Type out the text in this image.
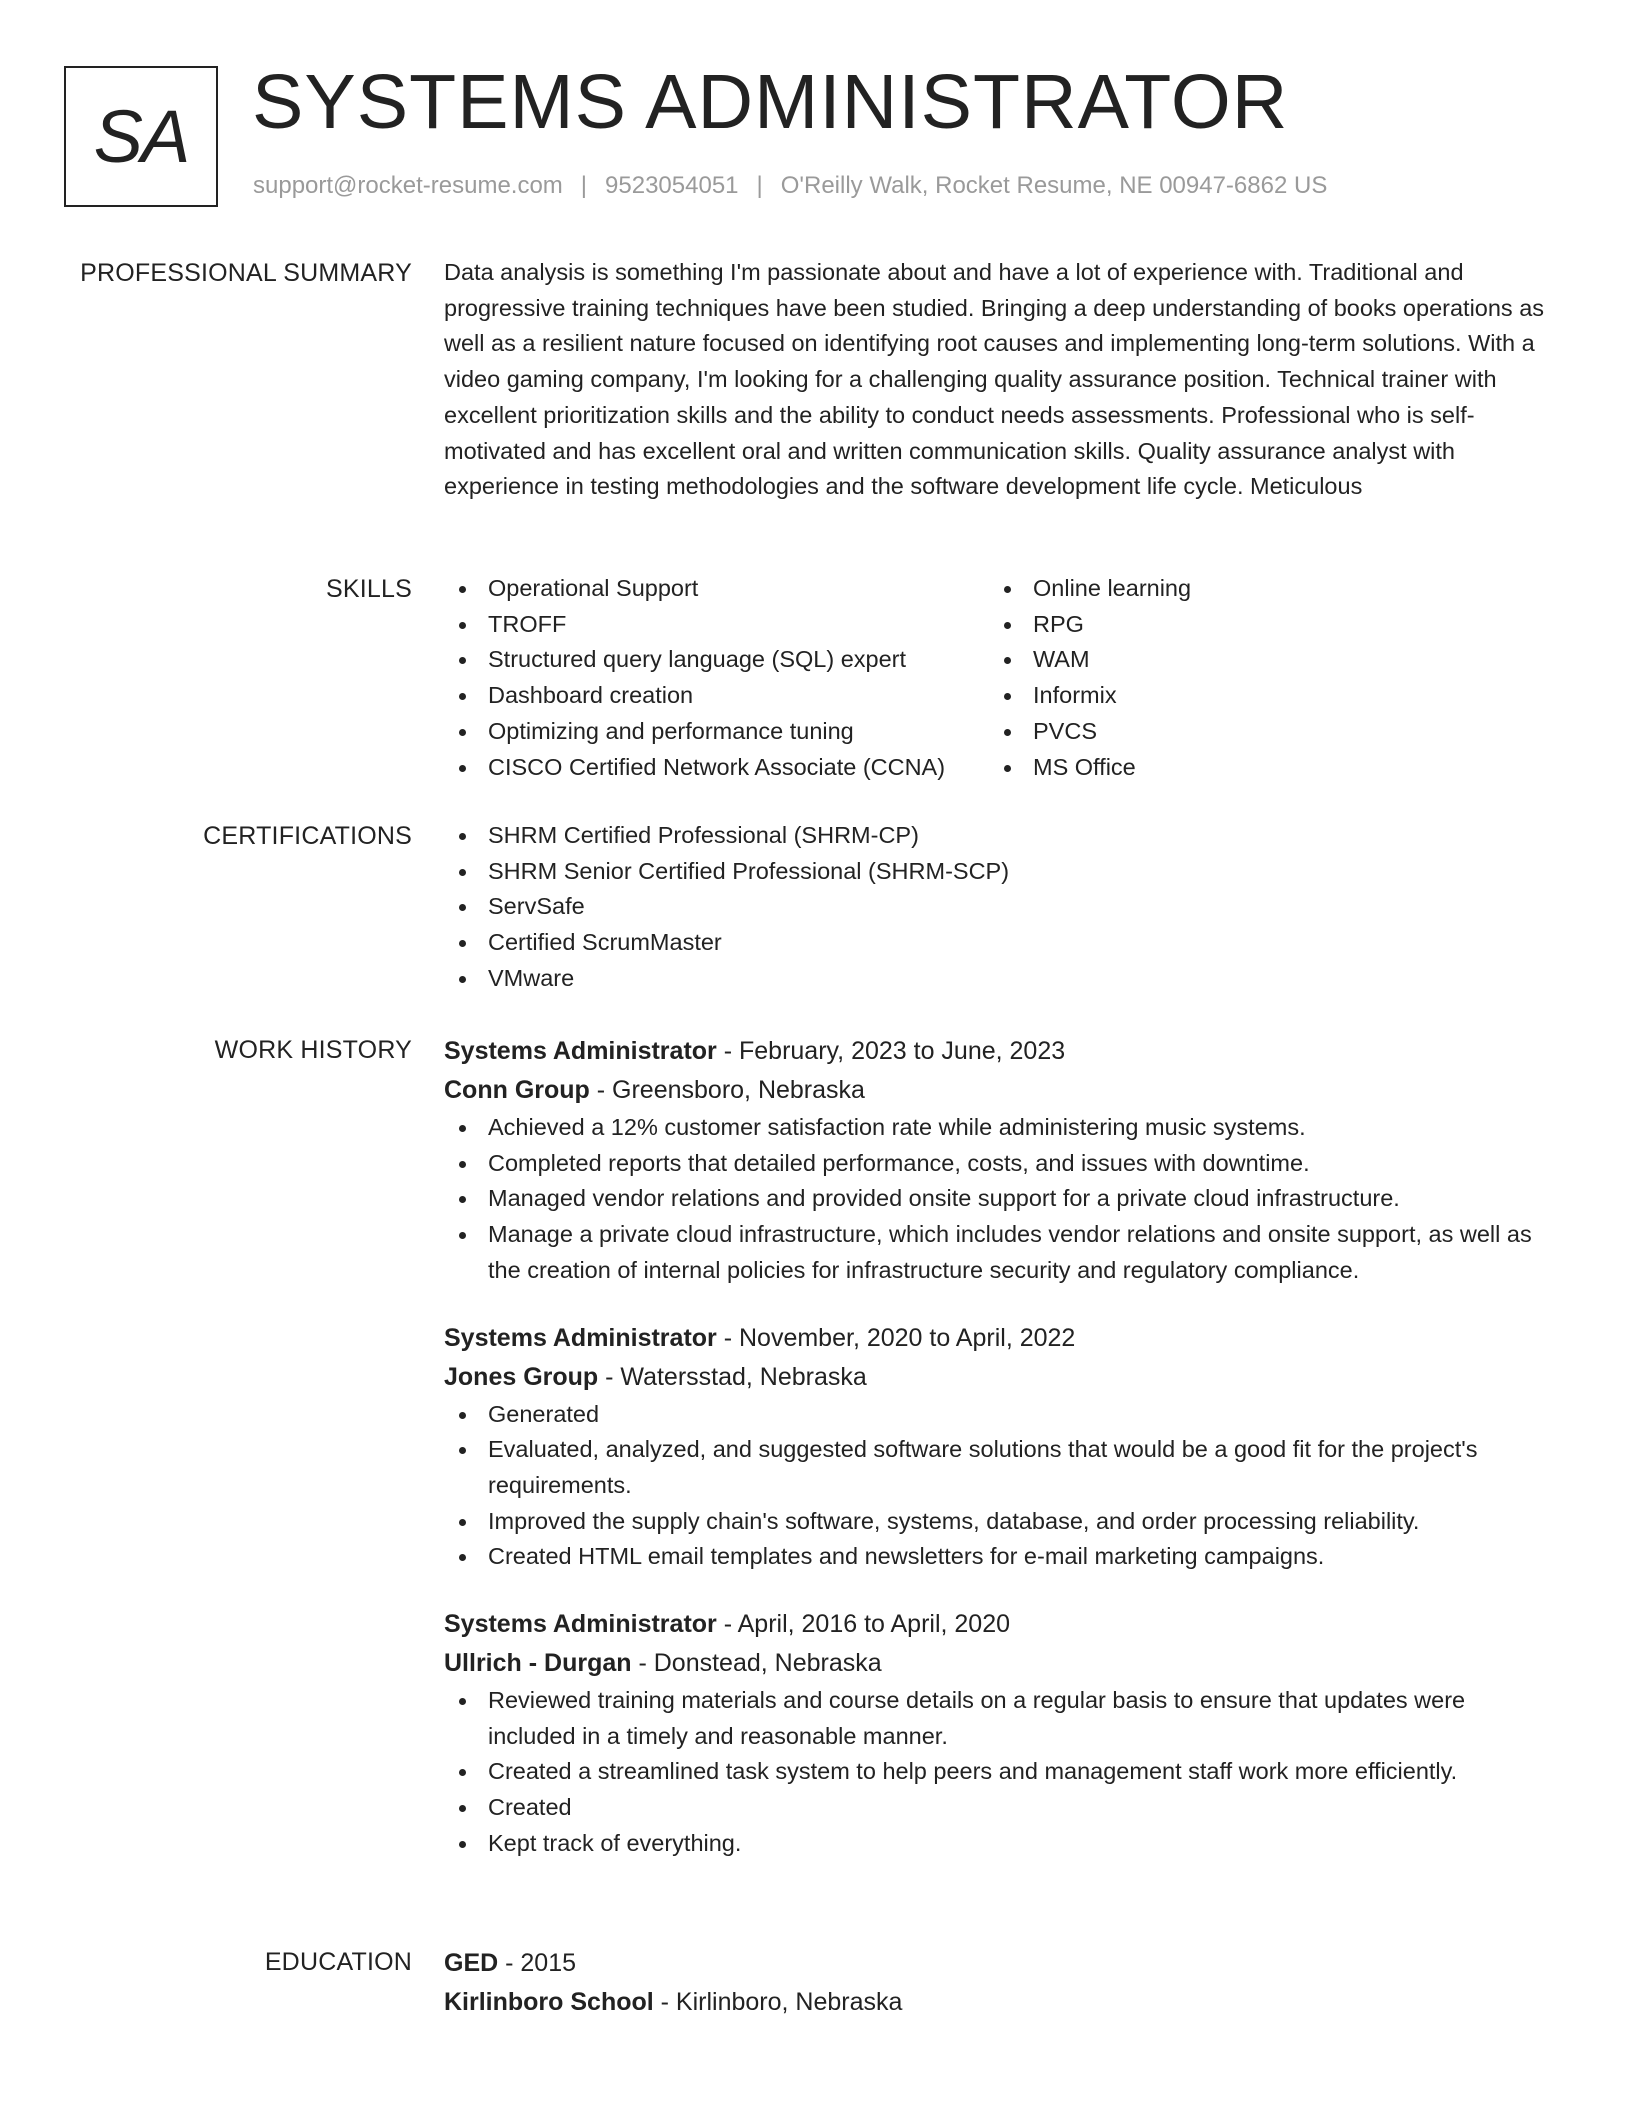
SA SYSTEMS ADMINISTRATOR
support@rocket-resume.com | 9523054051 | O'Reilly Walk, Rocket Resume, NE 00947-6862 US
PROFESSIONAL SUMMARY Data analysis is something I'm passionate about and have a lot of experience with. Traditional and progressive training techniques have been studied. Bringing a deep understanding of books operations as well as a resilient nature focused on identifying root causes and implementing long-term solutions. With a video gaming company, I'm looking for a challenging quality assurance position. Technical trainer with excellent prioritization skills and the ability to conduct needs assessments. Professional who is self-motivated and has excellent oral and written communication skills. Quality assurance analyst with experience in testing methodologies and the software development life cycle. Meticulous

SKILLS	Operational Support
TROFF
Structured query language (SQL) expert
Dashboard creation
Optimizing and performance tuning
CISCO Certified Network Associate (CCNA)
Online learning
RPG
WAM
Informix
PVCS
MS Office
CERTIFICATIONS	SHRM Certified Professional (SHRM-CP)
SHRM Senior Certified Professional (SHRM-SCP)
ServSafe
Certified ScrumMaster
VMware
WORK HISTORY Systems Administrator - February, 2023 to June, 2023
Conn Group - Greensboro, Nebraska
Achieved a 12% customer satisfaction rate while administering music systems.
Completed reports that detailed performance, costs, and issues with downtime.
Managed vendor relations and provided onsite support for a private cloud infrastructure.
Manage a private cloud infrastructure, which includes vendor relations and onsite support, as well as the creation of internal policies for infrastructure security and regulatory compliance.
Systems Administrator - November, 2020 to April, 2022
Jones Group - Watersstad, Nebraska
Generated
Evaluated, analyzed, and suggested software solutions that would be a good fit for the project's requirements.
Improved the supply chain's software, systems, database, and order processing reliability.
Created HTML email templates and newsletters for e-mail marketing campaigns.
Systems Administrator - April, 2016 to April, 2020
Ullrich - Durgan - Donstead, Nebraska
Reviewed training materials and course details on a regular basis to ensure that updates were included in a timely and reasonable manner.
Created a streamlined task system to help peers and management staff work more efficiently.
Created
Kept track of everything.
EDUCATION GED - 2015
Kirlinboro School - Kirlinboro, Nebraska
